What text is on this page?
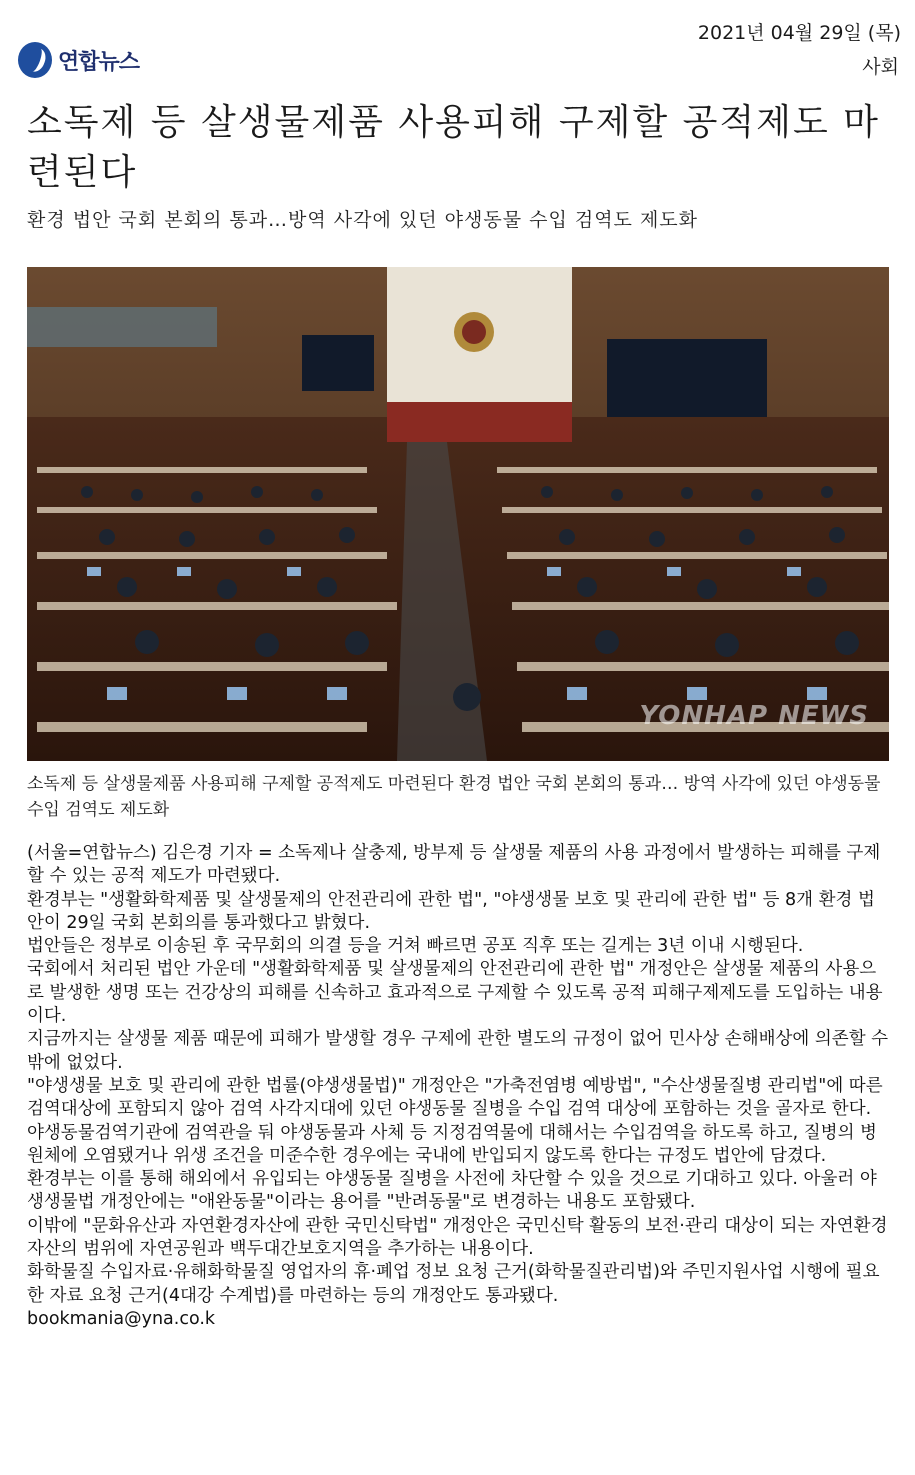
연합뉴스
2021년 04월 29일 (목)
사회
소독제 등 살생물제품 사용피해 구제할 공적제도 마련된다
환경 법안 국회 본회의 통과…방역 사각에 있던 야생동물 수입 검역도 제도화
YONHAP NEWS
소독제 등 살생물제품 사용피해 구제할 공적제도 마련된다 환경 법안 국회 본회의 통과… 방역 사각에 있던 야생동물 수입 검역도 제도화

(서울=연합뉴스) 김은경 기자 = 소독제나 살충제, 방부제 등 살생물 제품의 사용 과정에서 발생하는 피해를 구제할 수 있는 공적 제도가 마련됐다.

환경부는 "생활화학제품 및 살생물제의 안전관리에 관한 법", "야생생물 보호 및 관리에 관한 법" 등 8개 환경 법안이 29일 국회 본회의를 통과했다고 밝혔다.

법안들은 정부로 이송된 후 국무회의 의결 등을 거쳐 빠르면 공포 직후 또는 길게는 3년 이내 시행된다.

국회에서 처리된 법안 가운데 "생활화학제품 및 살생물제의 안전관리에 관한 법" 개정안은 살생물 제품의 사용으로 발생한 생명 또는 건강상의 피해를 신속하고 효과적으로 구제할 수 있도록 공적 피해구제제도를 도입하는 내용이다.

지금까지는 살생물 제품 때문에 피해가 발생할 경우 구제에 관한 별도의 규정이 없어 민사상 손해배상에 의존할 수밖에 없었다.

"야생생물 보호 및 관리에 관한 법률(야생생물법)" 개정안은 "가축전염병 예방법", "수산생물질병 관리법"에 따른 검역대상에 포함되지 않아 검역 사각지대에 있던 야생동물 질병을 수입 검역 대상에 포함하는 것을 골자로 한다.

야생동물검역기관에 검역관을 둬 야생동물과 사체 등 지정검역물에 대해서는 수입검역을 하도록 하고, 질병의 병원체에 오염됐거나 위생 조건을 미준수한 경우에는 국내에 반입되지 않도록 한다는 규정도 법안에 담겼다.

환경부는 이를 통해 해외에서 유입되는 야생동물 질병을 사전에 차단할 수 있을 것으로 기대하고 있다. 아울러 야생생물법 개정안에는 "애완동물"이라는 용어를 "반려동물"로 변경하는 내용도 포함됐다.

이밖에 "문화유산과 자연환경자산에 관한 국민신탁법" 개정안은 국민신탁 활동의 보전·관리 대상이 되는 자연환경자산의 범위에 자연공원과 백두대간보호지역을 추가하는 내용이다.

화학물질 수입자료·유해화학물질 영업자의 휴·폐업 정보 요청 근거(화학물질관리법)와 주민지원사업 시행에 필요한 자료 요청 근거(4대강 수계법)를 마련하는 등의 개정안도 통과됐다.

bookmania@yna.co.k
